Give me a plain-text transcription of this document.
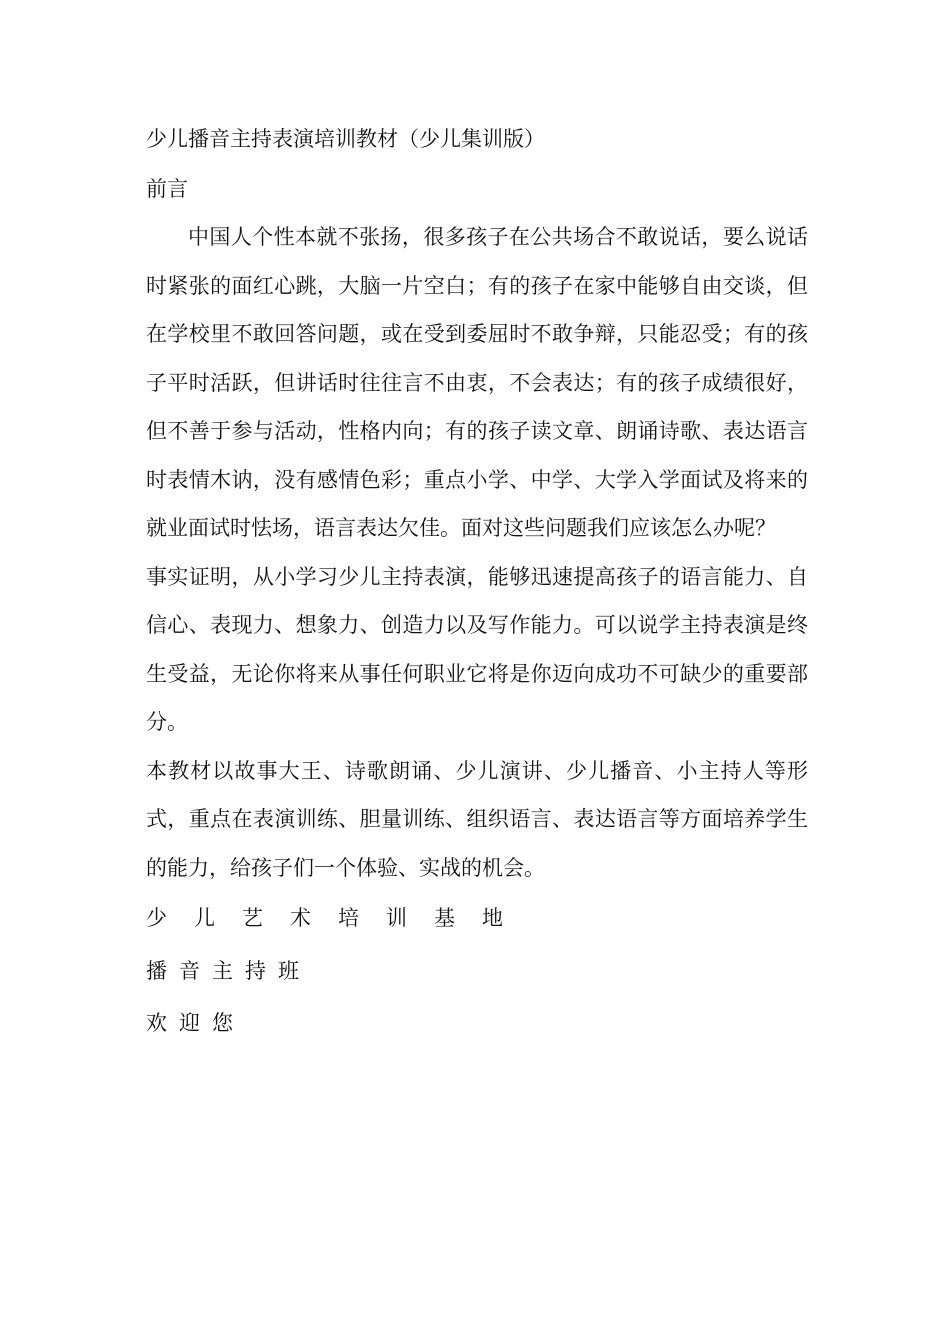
少儿播音主持表演培训教材（少儿集训版）

前言

中国人个性本就不张扬，很多孩子在公共场合不敢说话，要么说话时紧张的面红心跳，大脑一片空白；有的孩子在家中能够自由交谈，但在学校里不敢回答问题，或在受到委屈时不敢争辩，只能忍受；有的孩子平时活跃，但讲话时往往言不由衷，不会表达；有的孩子成绩很好，但不善于参与活动，性格内向；有的孩子读文章、朗诵诗歌、表达语言时表情木讷，没有感情色彩；重点小学、中学、大学入学面试及将来的就业面试时怯场，语言表达欠佳。面对这些问题我们应该怎么办呢？

事实证明，从小学习少儿主持表演，能够迅速提高孩子的语言能力、自信心、表现力、想象力、创造力以及写作能力。可以说学主持表演是终生受益，无论你将来从事任何职业它将是你迈向成功不可缺少的重要部分。

本教材以故事大王、诗歌朗诵、少儿演讲、少儿播音、小主持人等形式，重点在表演训练、胆量训练、组织语言、表达语言等方面培养学生的能力，给孩子们一个体验、实战的机会。

少儿艺术培训基地

播音主持班

欢迎您
